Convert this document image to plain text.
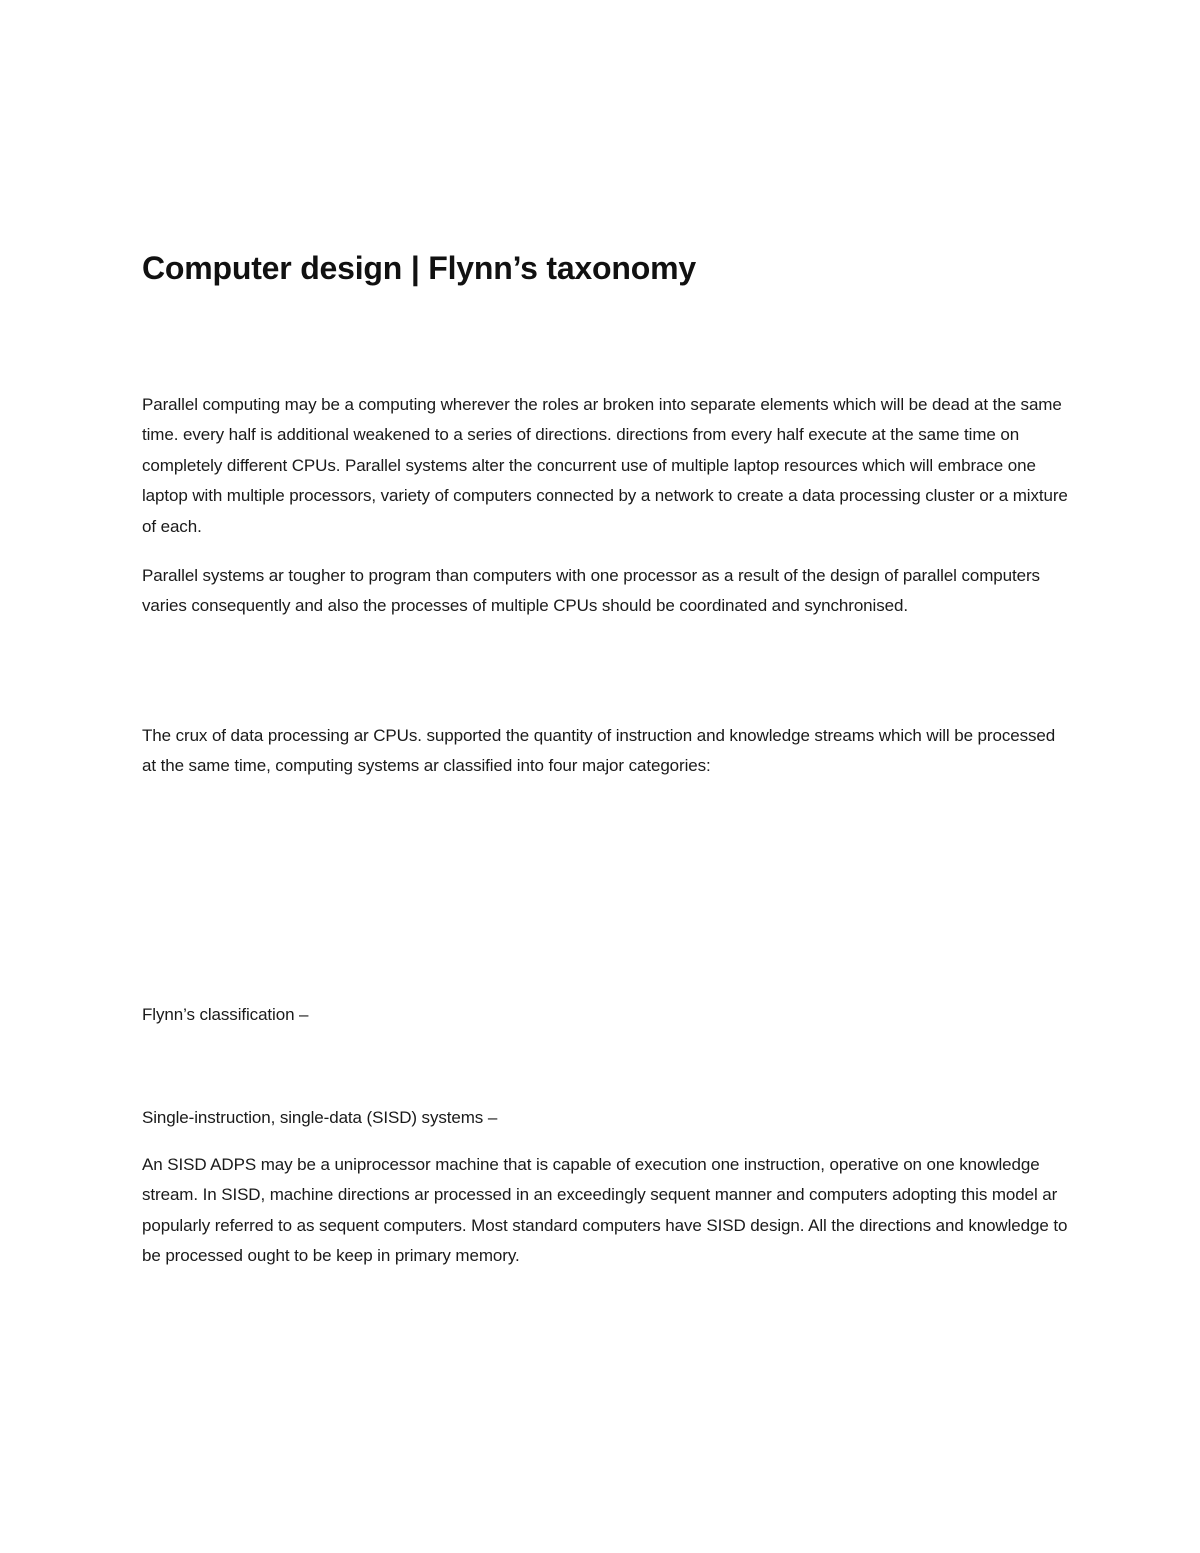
Computer design | Flynn’s taxonomy

Parallel computing may be a computing wherever the roles ar broken into separate elements which will be dead at the same time. every half is additional weakened to a series of directions. directions from every half execute at the same time on completely different CPUs. Parallel systems alter the concurrent use of multiple laptop resources which will embrace one laptop with multiple processors, variety of computers connected by a network to create a data processing cluster or a mixture of each.

Parallel systems ar tougher to program than computers with one processor as a result of the design of parallel computers varies consequently and also the processes of multiple CPUs should be coordinated and synchronised.

The crux of data processing ar CPUs. supported the quantity of instruction and knowledge streams which will be processed at the same time, computing systems ar classified into four major categories:

Flynn’s classification –

Single-instruction, single-data (SISD) systems –

An SISD ADPS may be a uniprocessor machine that is capable of execution one instruction, operative on one knowledge stream. In SISD, machine directions ar processed in an exceedingly sequent manner and computers adopting this model ar popularly referred to as sequent computers. Most standard computers have SISD design. All the directions and knowledge to be processed ought to be keep in primary memory.
